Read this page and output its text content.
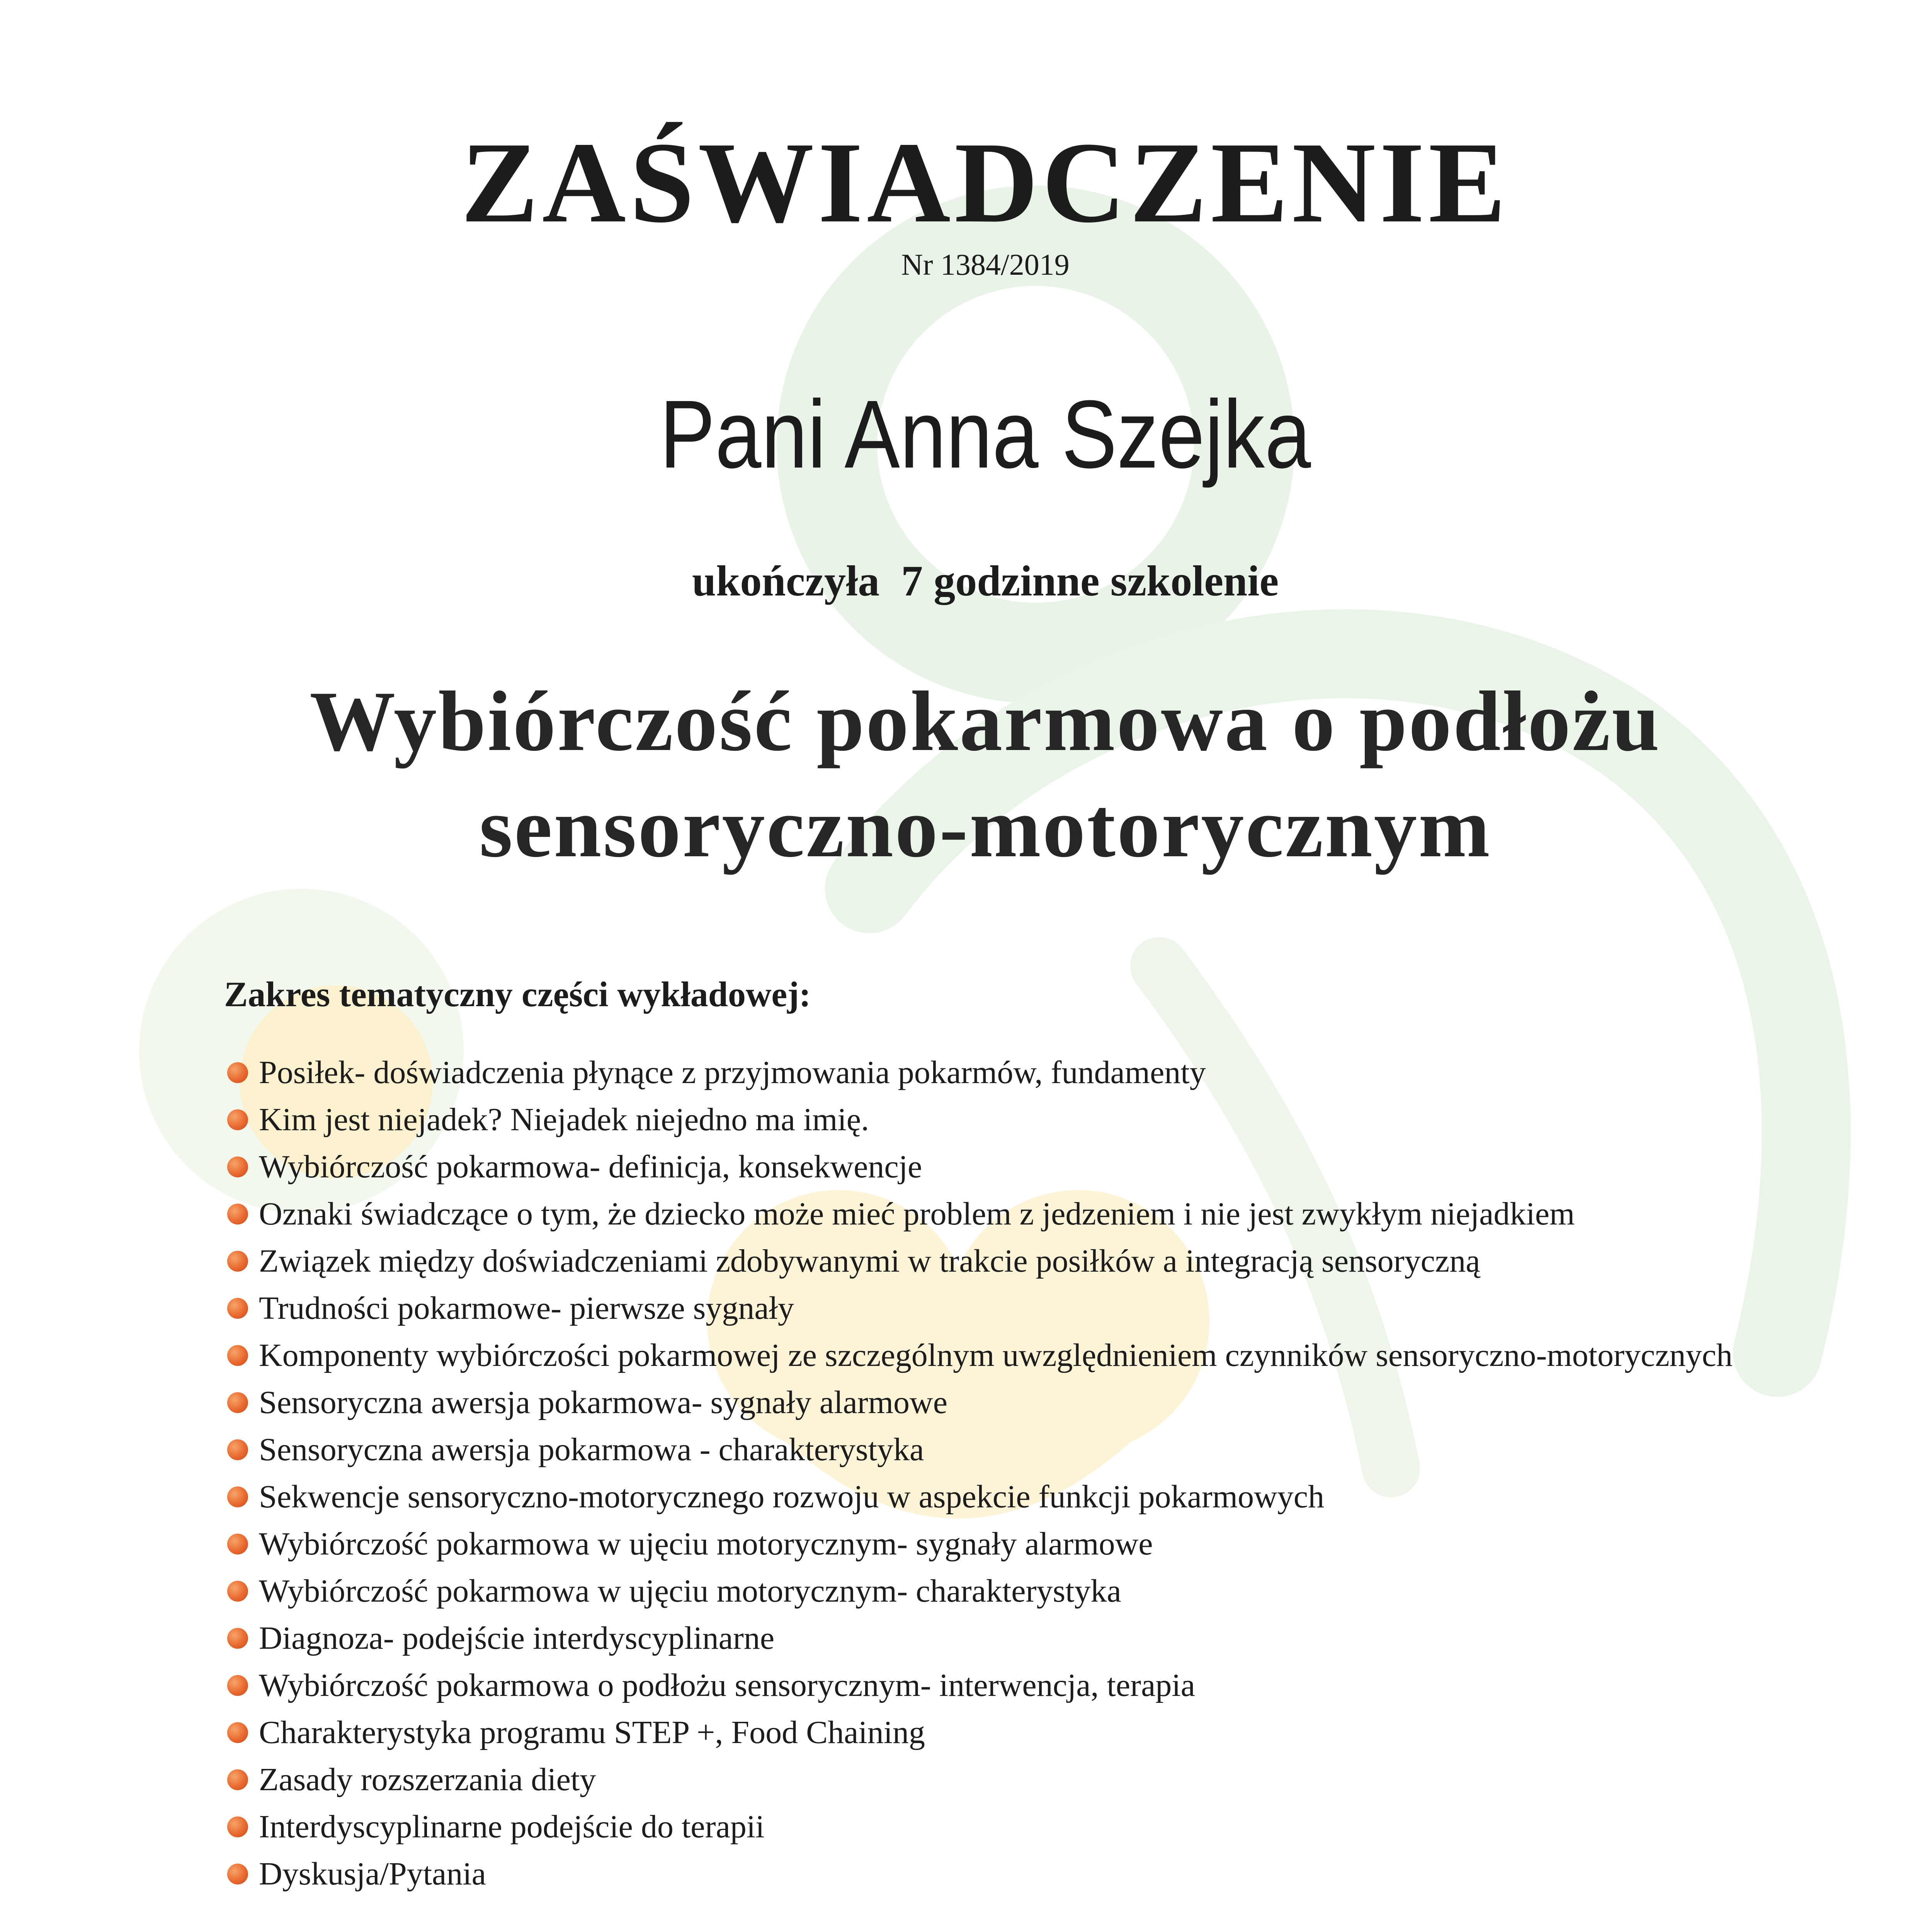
ZAŚWIADCZENIE
Nr 1384/2019
Pani Anna Szejka
ukończyła  7 godzinne szkolenie
Wybiórczość pokarmowa o podłożu sensoryczno-motorycznym
Zakres tematyczny części wykładowej:
Posiłek- doświadczenia płynące z przyjmowania pokarmów, fundamenty
Kim jest niejadek? Niejadek niejedno ma imię.
Wybiórczość pokarmowa- definicja, konsekwencje
Oznaki świadczące o tym, że dziecko może mieć problem z jedzeniem i nie jest zwykłym niejadkiem
Związek między doświadczeniami zdobywanymi w trakcie posiłków a integracją sensoryczną
Trudności pokarmowe- pierwsze sygnały
Komponenty wybiórczości pokarmowej ze szczególnym uwzględnieniem czynników sensoryczno-motorycznych
Sensoryczna awersja pokarmowa- sygnały alarmowe
Sensoryczna awersja pokarmowa - charakterystyka
Sekwencje sensoryczno-motorycznego rozwoju w aspekcie funkcji pokarmowych
Wybiórczość pokarmowa w ujęciu motorycznym- sygnały alarmowe
Wybiórczość pokarmowa w ujęciu motorycznym- charakterystyka
Diagnoza- podejście interdyscyplinarne
Wybiórczość pokarmowa o podłożu sensorycznym- interwencja, terapia
Charakterystyka programu STEP +, Food Chaining
Zasady rozszerzania diety
Interdyscyplinarne podejście do terapii
Dyskusja/Pytania
